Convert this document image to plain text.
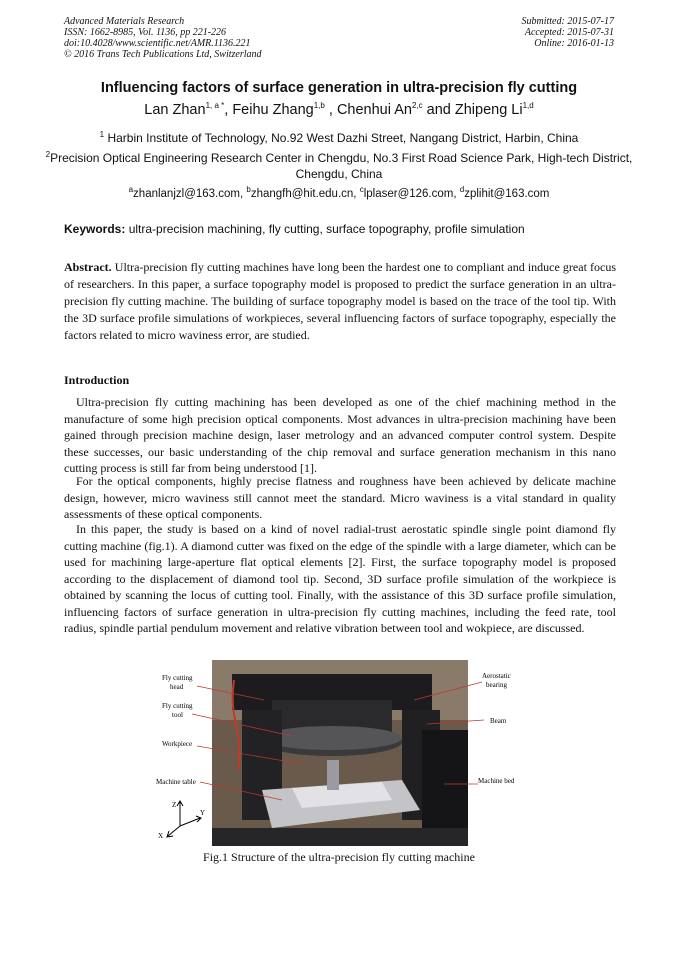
Advanced Materials Research
ISSN: 1662-8985, Vol. 1136, pp 221-226
doi:10.4028/www.scientific.net/AMR.1136.221
© 2016 Trans Tech Publications Ltd, Switzerland
Submitted: 2015-07-17
Accepted: 2015-07-31
Online: 2016-01-13
Influencing factors of surface generation in ultra-precision fly cutting
Lan Zhan$^{1, a *}$, Feihu Zhang$^{1,b}$ , Chenhui An$^{2,c}$ and Zhipeng Li$^{1,d}$
$^1$ Harbin Institute of Technology, No.92 West Dazhi Street, Nangang District, Harbin, China
$^2$Precision Optical Engineering Research Center in Chengdu, No.3 First Road Science Park, High-tech District, Chengdu, China
$^a$zhanlanjzl@163.com, $^b$zhangfh@hit.edu.cn, $^c$lplaser@126.com, $^d$zplihit@163.com
Keywords: ultra-precision machining, fly cutting, surface topography, profile simulation
Abstract. Ultra-precision fly cutting machines have long been the hardest one to compliant and induce great focus of researchers. In this paper, a surface topography model is proposed to predict the surface generation in an ultra-precision fly cutting machine. The building of surface topography model is based on the trace of the tool tip. With the 3D surface profile simulations of workpieces, several influencing factors of surface topography, especially the factors related to micro waviness error, are studied.
Introduction
Ultra-precision fly cutting machining has been developed as one of the chief machining method in the manufacture of some high precision optical components. Most advances in ultra-precision machining have been gained through precision machine design, laser metrology and an advanced computer control system. Despite these successes, our basic understanding of the chip removal and surface generation mechanism in this nano cutting process is still far from being understood [1].
For the optical components, highly precise flatness and roughness have been achieved by delicate machine design, however, micro waviness still cannot meet the standard. Micro waviness is a vital standard in quality assessments of these optical components.
In this paper, the study is based on a kind of novel radial-trust aerostatic spindle single point diamond fly cutting machine (fig.1). A diamond cutter was fixed on the edge of the spindle with a large diameter, which can be used for machining large-aperture flat optical elements [2]. First, the surface topography model is proposed according to the displacement of diamond tool tip. Second, 3D surface profile simulation of the workpiece is obtained by scanning the locus of cutting tool. Finally, with the assistance of this 3D surface profile simulation, influencing factors of surface generation in ultra-precision fly cutting machines, including the feed rate, tool radius, spindle partial pendulum movement and relative vibration between tool and wokpiece, are discussed.
Fly cutting
head
Fly cutting
tool
Workpiece
Machine table
Aerostatic
bearing
Beam
Machine bed
Z
Y
X
Fig.1 Structure of the ultra-precision fly cutting machine
